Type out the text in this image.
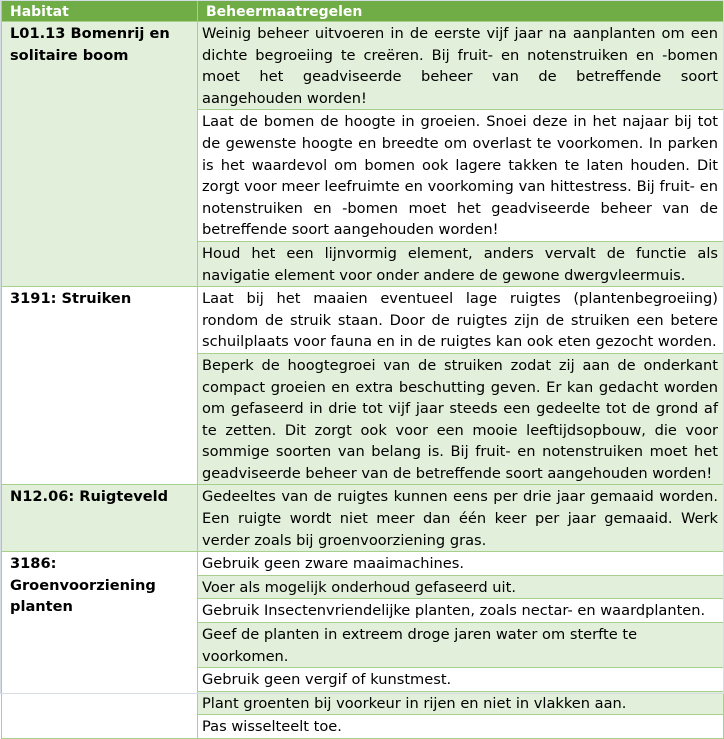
Habitat	Beheermaatregelen
L01.13 Bomenrij en solitaire boom	Weinig beheer uitvoeren in de eerste vijf jaar na aanplanten om een dichte begroeiing te creëren. Bij fruit- en notenstruiken en -bomen moet het geadviseerde beheer van de betreffende soort aangehouden worden!
	Laat de bomen de hoogte in groeien. Snoei deze in het najaar bij tot de gewenste hoogte en breedte om overlast te voorkomen. In parken is het waardevol om bomen ook lagere takken te laten houden. Dit zorgt voor meer leefruimte en voorkoming van hittestress. Bij fruit- en notenstruiken en -bomen moet het geadviseerde beheer van de betreffende soort aangehouden worden!
	Houd het een lijnvormig element, anders vervalt de functie als navigatie element voor onder andere de gewone dwergvleermuis.
3191: Struiken	Laat bij het maaien eventueel lage ruigtes (plantenbegroeiing) rondom de struik staan. Door de ruigtes zijn de struiken een betere schuilplaats voor fauna en in de ruigtes kan ook eten gezocht worden.
	Beperk de hoogtegroei van de struiken zodat zij aan de onderkant compact groeien en extra beschutting geven. Er kan gedacht worden om gefaseerd in drie tot vijf jaar steeds een gedeelte tot de grond af te zetten. Dit zorgt ook voor een mooie leeftijdsopbouw, die voor sommige soorten van belang is. Bij fruit- en notenstruiken moet het geadviseerde beheer van de betreffende soort aangehouden worden!
N12.06: Ruigteveld	Gedeeltes van de ruigtes kunnen eens per drie jaar gemaaid worden. Een ruigte wordt niet meer dan één keer per jaar gemaaid. Werk verder zoals bij groenvoorziening gras.
3186: Groenvoorziening planten	Gebruik geen zware maaimachines.
	Voer als mogelijk onderhoud gefaseerd uit.
	Gebruik Insectenvriendelijke planten, zoals nectar- en waardplanten.
	Geef de planten in extreem droge jaren water om sterfte te voorkomen.
	Gebruik geen vergif of kunstmest.
	Plant groenten bij voorkeur in rijen en niet in vlakken aan.
	Pas wisselteelt toe.
